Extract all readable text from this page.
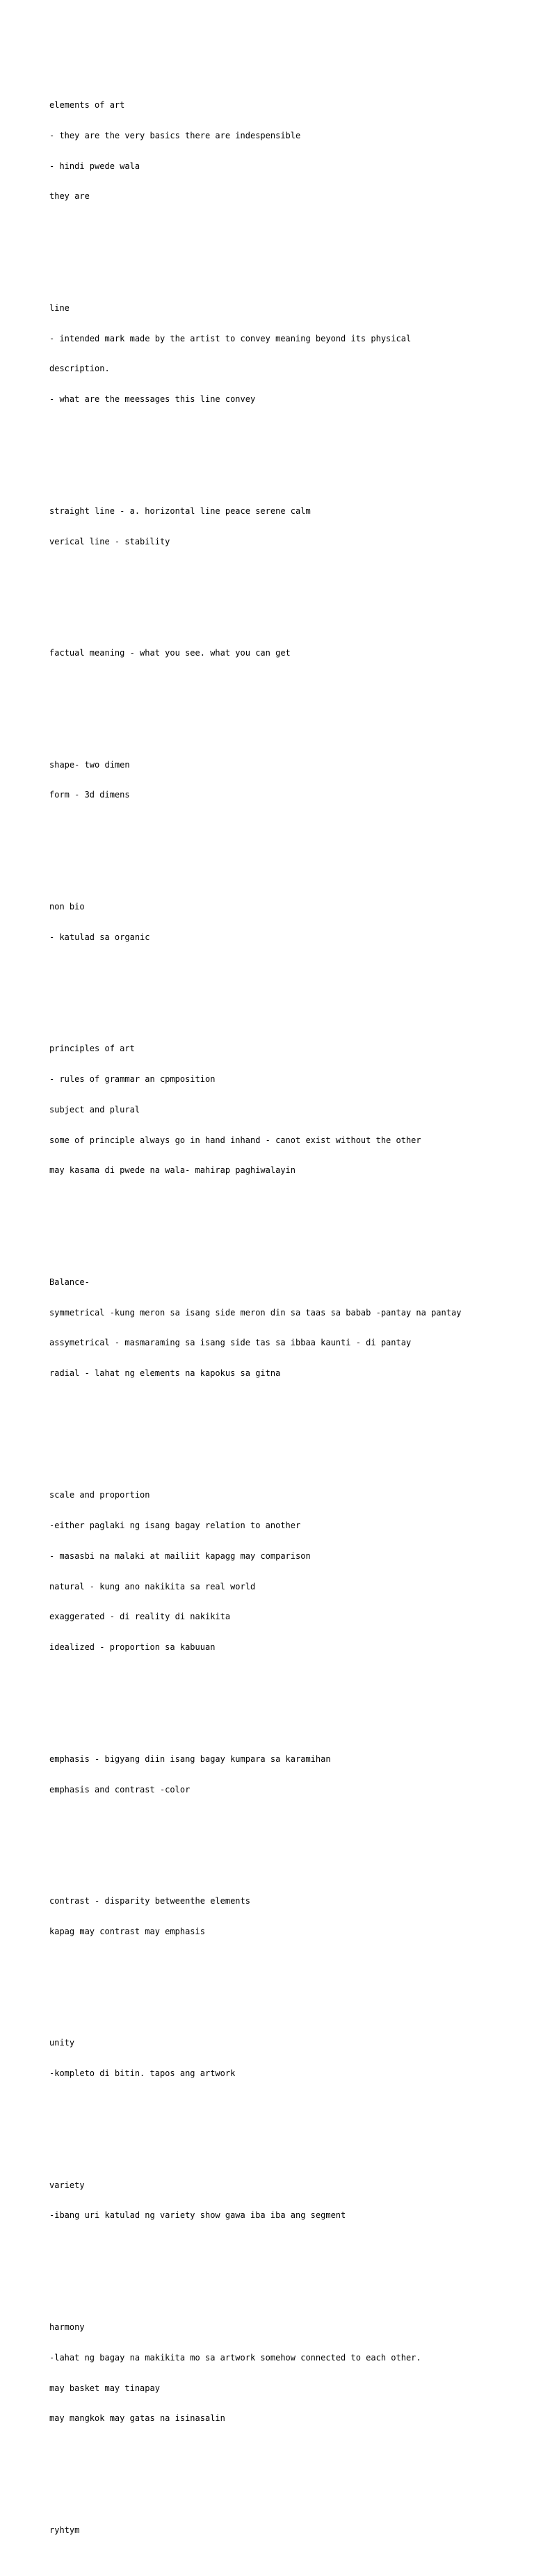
elements of art

- they are the very basics there are indespensible

- hindi pwede wala

they are

line

- intended mark made by the artist to convey meaning beyond its physical

description.

- what are the meessages this line convey

straight line - a. horizontal line peace serene calm

verical line - stability

factual meaning - what you see. what you can get

shape- two dimen

form - 3d dimens

non bio

- katulad sa organic

principles of art

- rules of grammar an cpmposition

subject and plural

some of principle always go in hand inhand - canot exist without the other

may kasama di pwede na wala- mahirap paghiwalayin

Balance-

symmetrical -kung meron sa isang side meron din sa taas sa babab -pantay na pantay

assymetrical - masmaraming sa isang side tas sa ibbaa kaunti - di pantay

radial - lahat ng elements na kapokus sa gitna

scale and proportion

-either paglaki ng isang bagay relation to another

- masasbi na malaki at mailiit kapagg may comparison

natural - kung ano nakikita sa real world

exaggerated - di reality di nakikita

idealized - proportion sa kabuuan

emphasis - bigyang diin isang bagay kumpara sa karamihan

emphasis and contrast -color

contrast - disparity betweenthe elements

kapag may contrast may emphasis

unity

-kompleto di bitin. tapos ang artwork

variety

-ibang uri katulad ng variety show gawa iba iba ang segment

harmony

-lahat ng bagay na makikita mo sa artwork somehow connected to each other.

may basket may tinapay

may mangkok may gatas na isinasalin

ryhtym
